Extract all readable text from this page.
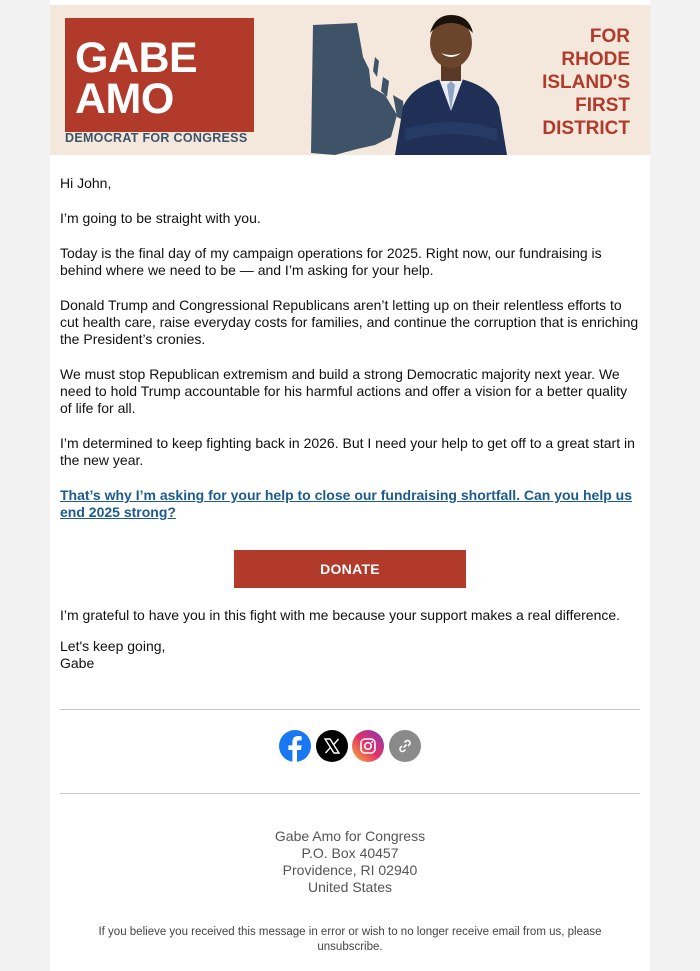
GABE
AMO
DEMOCRAT FOR CONGRESS
FOR
RHODE
ISLAND'S
FIRST
DISTRICT

Hi John,

I’m going to be straight with you.

Today is the final day of my campaign operations for 2025. Right now, our fundraising is behind where we need to be — and I’m asking for your help.

Donald Trump and Congressional Republicans aren’t letting up on their relentless efforts to cut health care, raise everyday costs for families, and continue the corruption that is enriching the President’s cronies.

We must stop Republican extremism and build a strong Democratic majority next year. We need to hold Trump accountable for his harmful actions and offer a vision for a better quality of life for all.

I’m determined to keep fighting back in 2026. But I need your help to get off to a great start in the new year.

That’s why I’m asking for your help to close our fundraising shortfall. Can you help us end 2025 strong?

DONATE

I’m grateful to have you in this fight with me because your support makes a real difference.

Let's keep going,
Gabe
Gabe Amo for Congress
P.O. Box 40457
Providence, RI 02940
United States
If you believe you received this message in error or wish to no longer receive email from us, please unsubscribe.
